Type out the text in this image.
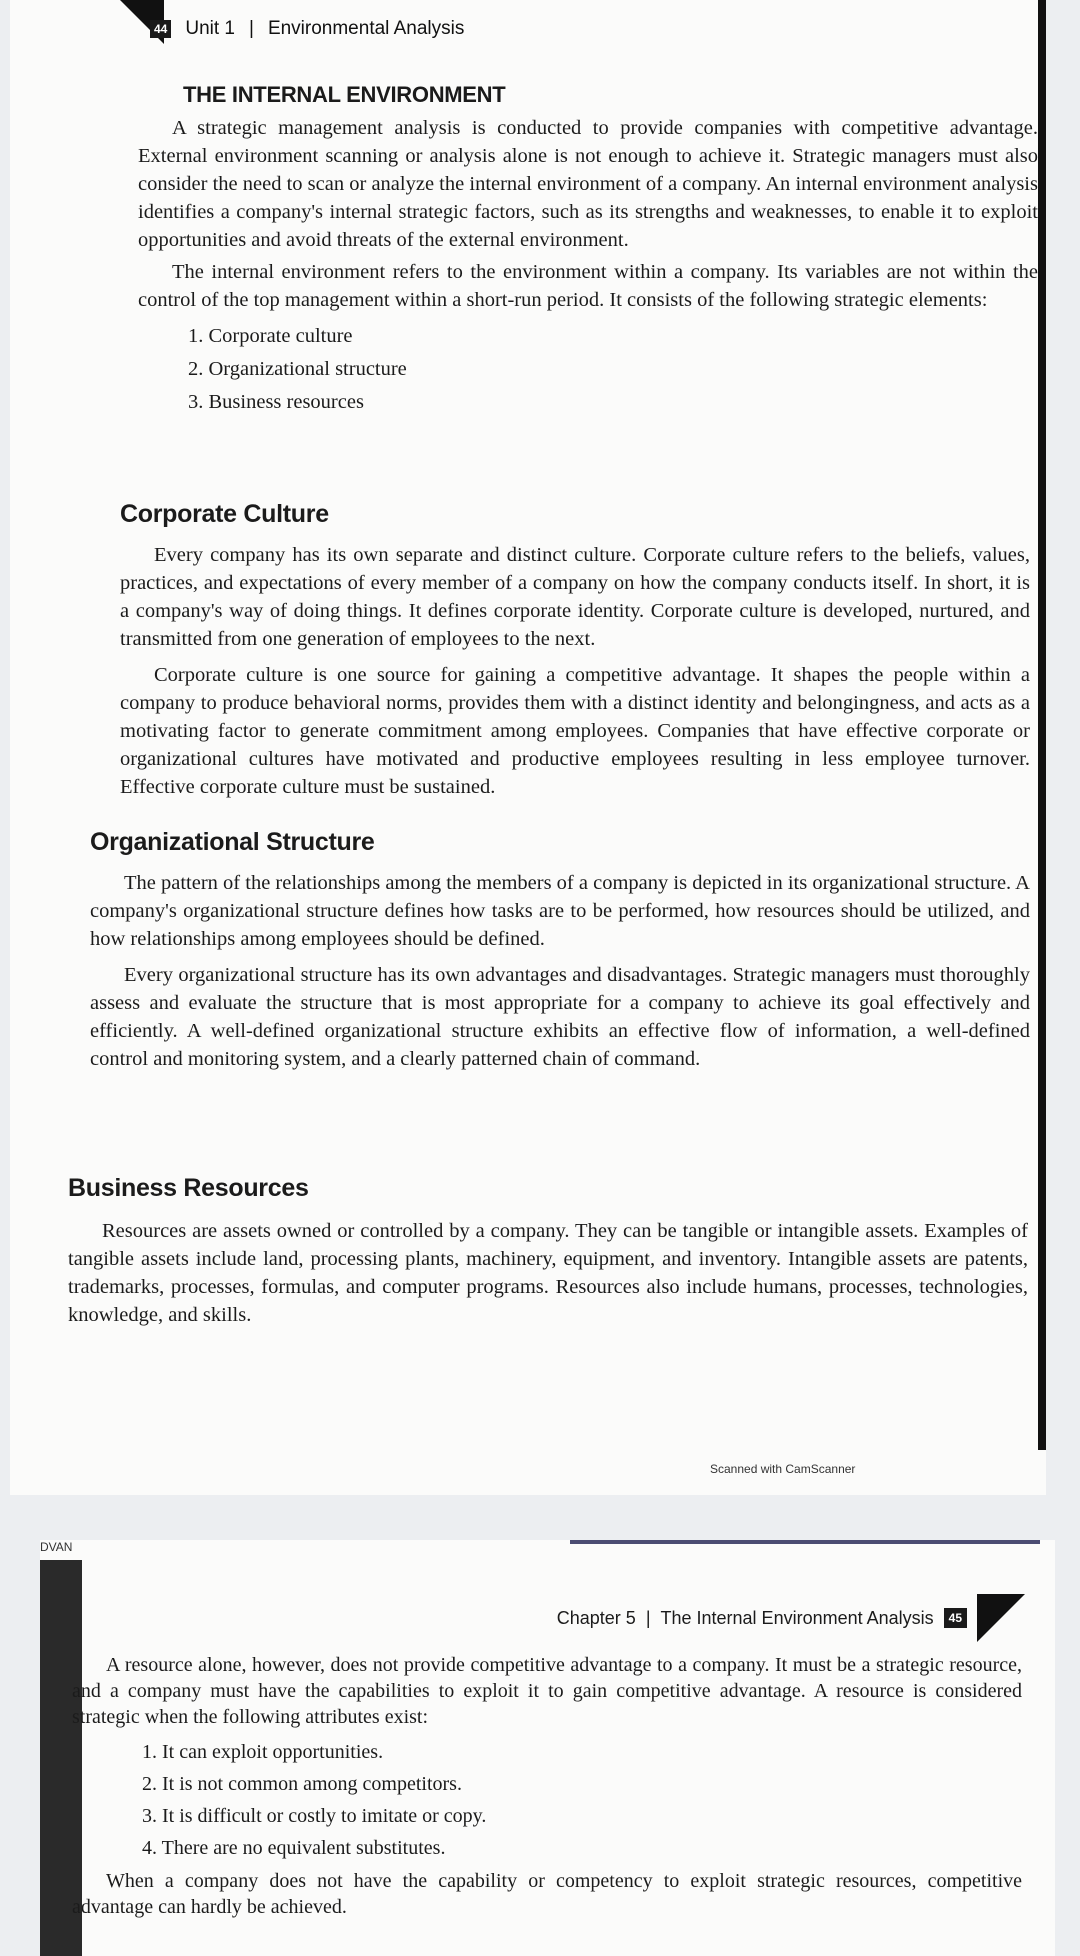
44 Unit 1 | Environmental Analysis
THE INTERNAL ENVIRONMENT

A strategic management analysis is conducted to provide companies with competitive advantage. External environment scanning or analysis alone is not enough to achieve it. Strategic managers must also consider the need to scan or analyze the internal environment of a company. An internal environment analysis identifies a company's internal strategic factors, such as its strengths and weaknesses, to enable it to exploit opportunities and avoid threats of the external environment.

The internal environment refers to the environment within a company. Its variables are not within the control of the top management within a short-run period. It consists of the following strategic elements:

1. Corporate culture
2. Organizational structure
3. Business resources
Corporate Culture

Every company has its own separate and distinct culture. Corporate culture refers to the beliefs, values, practices, and expectations of every member of a company on how the company conducts itself. In short, it is a company's way of doing things. It defines corporate identity. Corporate culture is developed, nurtured, and transmitted from one generation of employees to the next.

Corporate culture is one source for gaining a competitive advantage. It shapes the people within a company to produce behavioral norms, provides them with a distinct identity and belongingness, and acts as a motivating factor to generate commitment among employees. Companies that have effective corporate or organizational cultures have motivated and productive employees resulting in less employee turnover. Effective corporate culture must be sustained.

Organizational Structure

The pattern of the relationships among the members of a company is depicted in its organizational structure. A company's organizational structure defines how tasks are to be performed, how resources should be utilized, and how relationships among employees should be defined.

Every organizational structure has its own advantages and disadvantages. Strategic managers must thoroughly assess and evaluate the structure that is most appropriate for a company to achieve its goal effectively and efficiently. A well-defined organizational structure exhibits an effective flow of information, a well-defined control and monitoring system, and a clearly patterned chain of command.

Business Resources

Resources are assets owned or controlled by a company. They can be tangible or intangible assets. Examples of tangible assets include land, processing plants, machinery, equipment, and inventory. Intangible assets are patents, trademarks, processes, formulas, and computer programs. Resources also include humans, processes, technologies, knowledge, and skills.

Scanned with CamScanner
DVAN
Chapter 5 | The Internal Environment Analysis	45

A resource alone, however, does not provide competitive advantage to a company. It must be a strategic resource, and a company must have the capabilities to exploit it to gain competitive advantage. A resource is considered strategic when the following attributes exist:

1. It can exploit opportunities.
2. It is not common among competitors.
3. It is difficult or costly to imitate or copy.
4. There are no equivalent substitutes.

When a company does not have the capability or competency to exploit strategic resources, competitive advantage can hardly be achieved.
